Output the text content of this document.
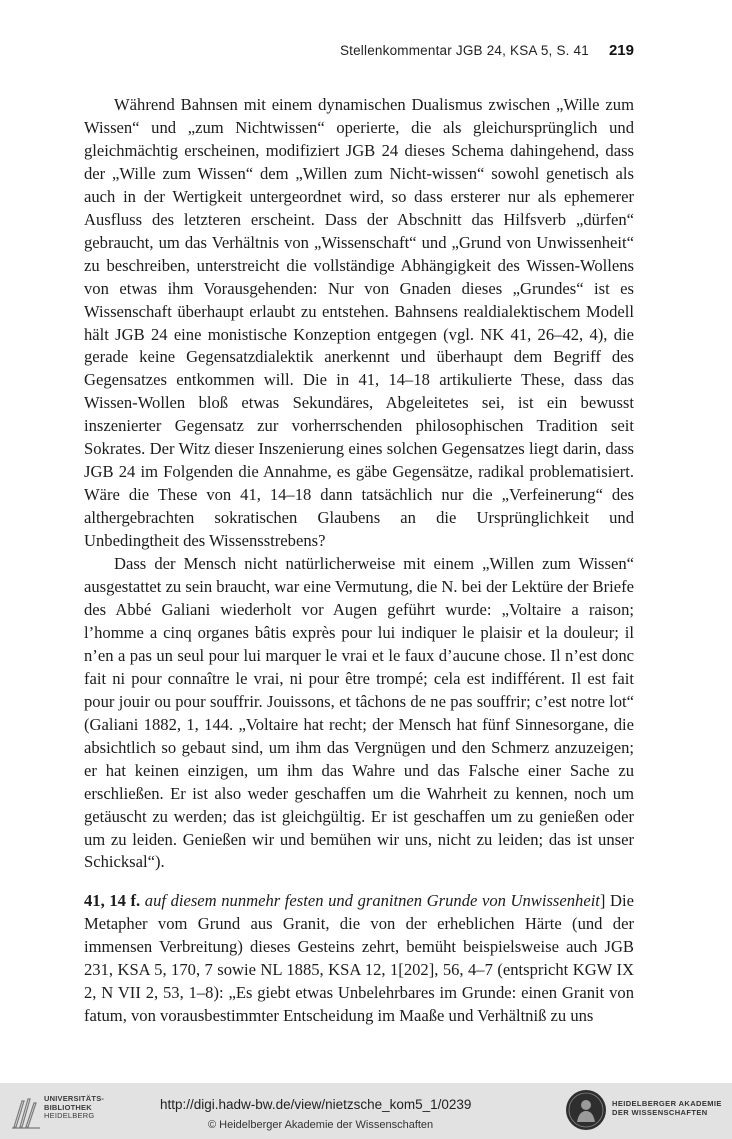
Stellenkommentar JGB 24, KSA 5, S. 41 219

Während Bahnsen mit einem dynamischen Dualismus zwischen „Wille zum Wissen“ und „zum Nichtwissen“ operierte, die als gleichursprünglich und gleichmächtig erscheinen, modifiziert JGB 24 dieses Schema dahingehend, dass der „Wille zum Wissen“ dem „Willen zum Nicht-wissen“ sowohl genetisch als auch in der Wertigkeit untergeordnet wird, so dass ersterer nur als ephemerer Ausfluss des letzteren erscheint. Dass der Abschnitt das Hilfsverb „dürfen“ gebraucht, um das Verhältnis von „Wissenschaft“ und „Grund von Unwissenheit“ zu beschreiben, unterstreicht die vollständige Abhängigkeit des Wissen-Wollens von etwas ihm Vorausgehenden: Nur von Gnaden dieses „Grundes“ ist es Wissenschaft überhaupt erlaubt zu entstehen. Bahnsens realdialektischem Modell hält JGB 24 eine monistische Konzeption entgegen (vgl. NK 41, 26–42, 4), die gerade keine Gegensatzdialektik anerkennt und überhaupt dem Begriff des Gegensatzes entkommen will. Die in 41, 14–18 artikulierte These, dass das Wissen-Wollen bloß etwas Sekundäres, Abgeleitetes sei, ist ein bewusst inszenierter Gegensatz zur vorherrschenden philosophischen Tradition seit Sokrates. Der Witz dieser Inszenierung eines solchen Gegensatzes liegt darin, dass JGB 24 im Folgenden die Annahme, es gäbe Gegensätze, radikal problematisiert. Wäre die These von 41, 14–18 dann tatsächlich nur die „Verfeinerung“ des althergebrachten sokratischen Glaubens an die Ursprünglichkeit und Unbedingtheit des Wissensstrebens?

Dass der Mensch nicht natürlicherweise mit einem „Willen zum Wissen“ ausgestattet zu sein braucht, war eine Vermutung, die N. bei der Lektüre der Briefe des Abbé Galiani wiederholt vor Augen geführt wurde: „Voltaire a raison; l’homme a cinq organes bâtis exprès pour lui indiquer le plaisir et la douleur; il n’en a pas un seul pour lui marquer le vrai et le faux d’aucune chose. Il n’est donc fait ni pour connaître le vrai, ni pour être trompé; cela est indifférent. Il est fait pour jouir ou pour souffrir. Jouissons, et tâchons de ne pas souffrir; c’est notre lot“ (Galiani 1882, 1, 144. „Voltaire hat recht; der Mensch hat fünf Sinnesorgane, die absichtlich so gebaut sind, um ihm das Vergnügen und den Schmerz anzuzeigen; er hat keinen einzigen, um ihm das Wahre und das Falsche einer Sache zu erschließen. Er ist also weder geschaffen um die Wahrheit zu kennen, noch um getäuscht zu werden; das ist gleichgültig. Er ist geschaffen um zu genießen oder um zu leiden. Genießen wir und bemühen wir uns, nicht zu leiden; das ist unser Schicksal“).

41, 14 f. auf diesem nunmehr festen und granitnen Grunde von Unwissenheit] Die Metapher vom Grund aus Granit, die von der erheblichen Härte (und der immensen Verbreitung) dieses Gesteins zehrt, bemüht beispielsweise auch JGB 231, KSA 5, 170, 7 sowie NL 1885, KSA 12, 1[202], 56, 4–7 (entspricht KGW IX 2, N VII 2, 53, 1–8): „Es giebt etwas Unbelehrbares im Grunde: einen Granit von fatum, von vorausbestimmter Entscheidung im Maaße und Verhältniß zu uns

UNIVERSITÄTS-
BIBLIOTHEK
HEIDELBERG
http://digi.hadw-bw.de/view/nietzsche_kom5_1/0239
© Heidelberger Akademie der Wissenschaften
HEIDELBERGER AKADEMIE
DER WISSENSCHAFTEN
